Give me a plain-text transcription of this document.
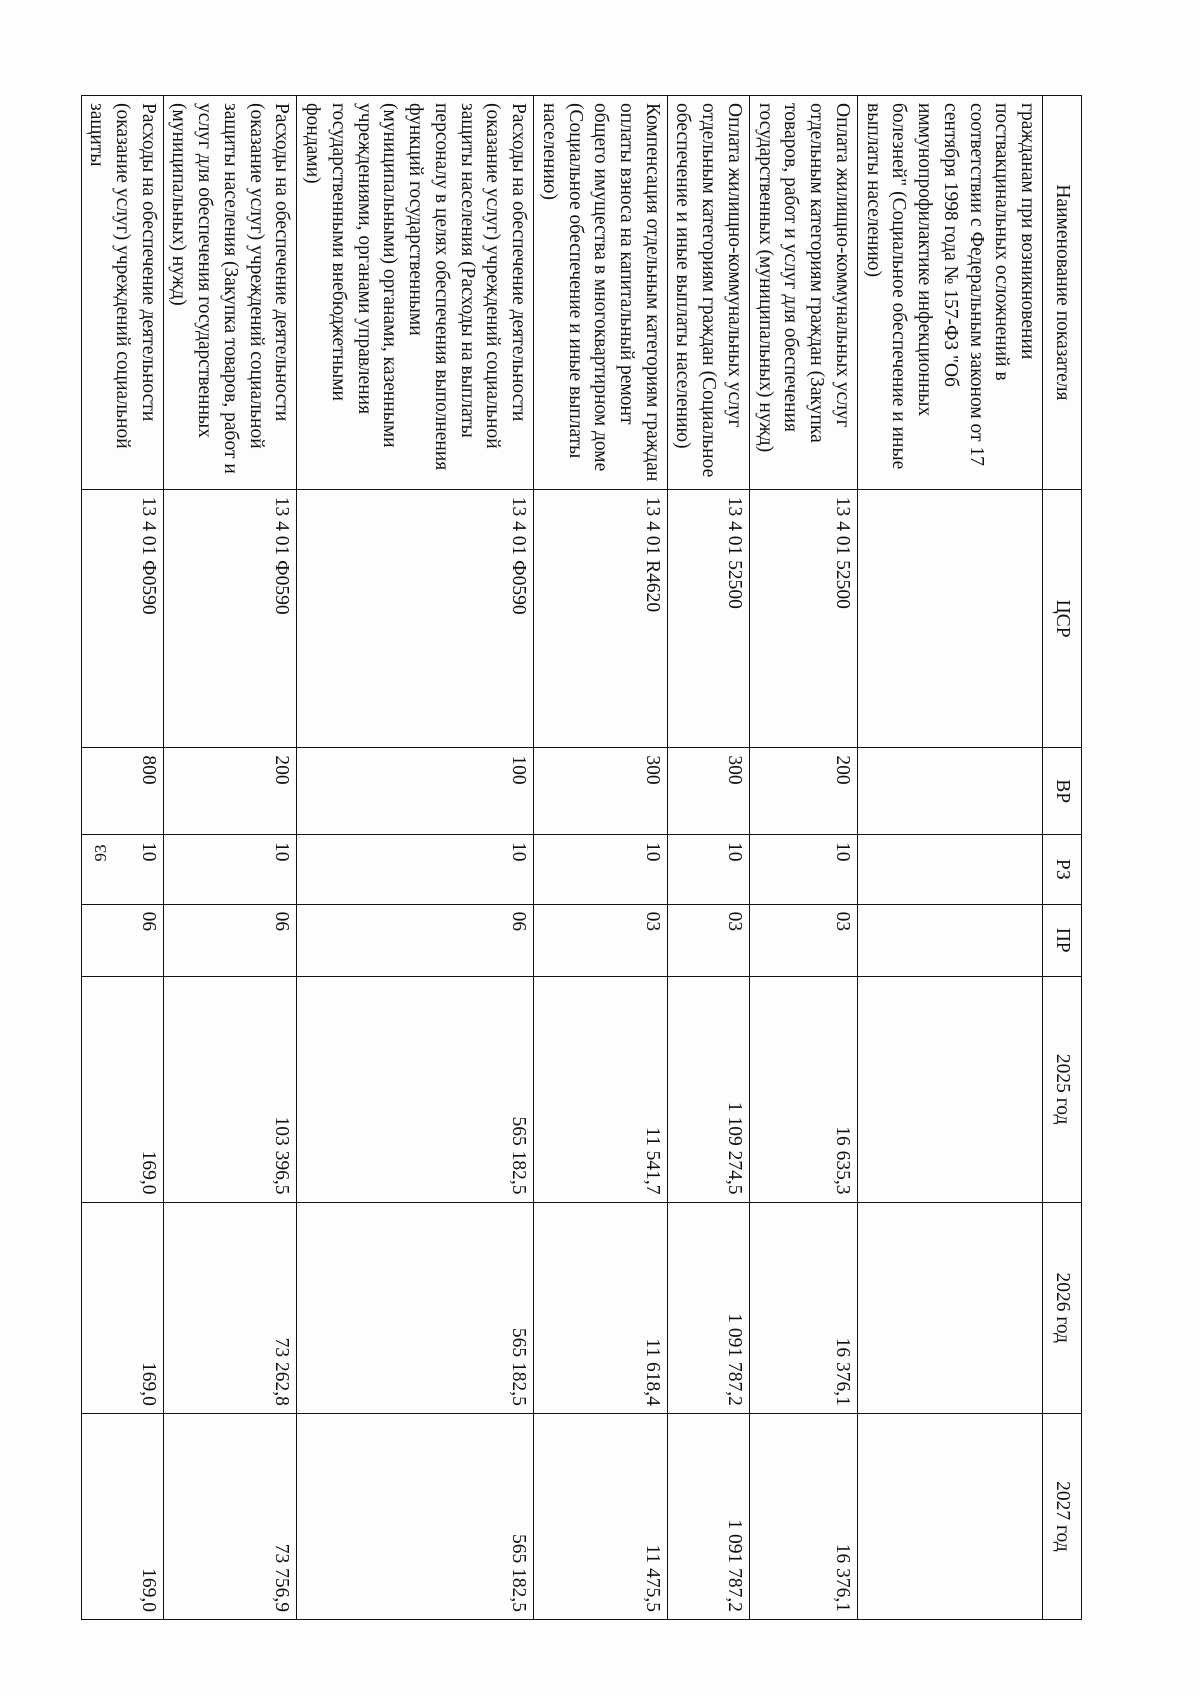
93
Наименование показателя	ЦСР	ВР	РЗ	ПР	2025 год	2026 год	2027 год
гражданам при возникновении поствакцинальных осложнений в соответствии с Федеральным законом от 17 сентября 1998 года № 157-ФЗ "Об иммунопрофилактике инфекционных болезней" (Социальное обеспечение и иные выплаты населению)							
Оплата жилищно-коммунальных услуг отдельным категориям граждан (Закупка товаров, работ и услуг для обеспечения государственных (муниципальных) нужд)	13 4 01 52500	200	10	03	16 635,3	16 376,1	16 376,1
Оплата жилищно-коммунальных услуг отдельным категориям граждан (Социальное обеспечение и иные выплаты населению)	13 4 01 52500	300	10	03	1 109 274,5	1 091 787,2	1 091 787,2
Компенсация отдельным категориям граждан оплаты взноса на капитальный ремонт общего имущества в многоквартирном доме (Социальное обеспечение и иные выплаты населению)	13 4 01 R4620	300	10	03	11 541,7	11 618,4	11 475,5
Расходы на обеспечение деятельности (оказание услуг) учреждений социальной защиты населения (Расходы на выплаты персоналу в целях обеспечения выполнения функций государственными (муниципальными) органами, казенными учреждениями, органами управления государственными внебюджетными фондами)	13 4 01 Ф0590	100	10	06	565 182,5	565 182,5	565 182,5
Расходы на обеспечение деятельности (оказание услуг) учреждений социальной защиты населения (Закупка товаров, работ и услуг для обеспечения государственных (муниципальных) нужд)	13 4 01 Ф0590	200	10	06	103 396,5	73 262,8	73 756,9
Расходы на обеспечение деятельности (оказание услуг) учреждений социальной защиты	13 4 01 Ф0590	800	10	06	169,0	169,0	169,0
